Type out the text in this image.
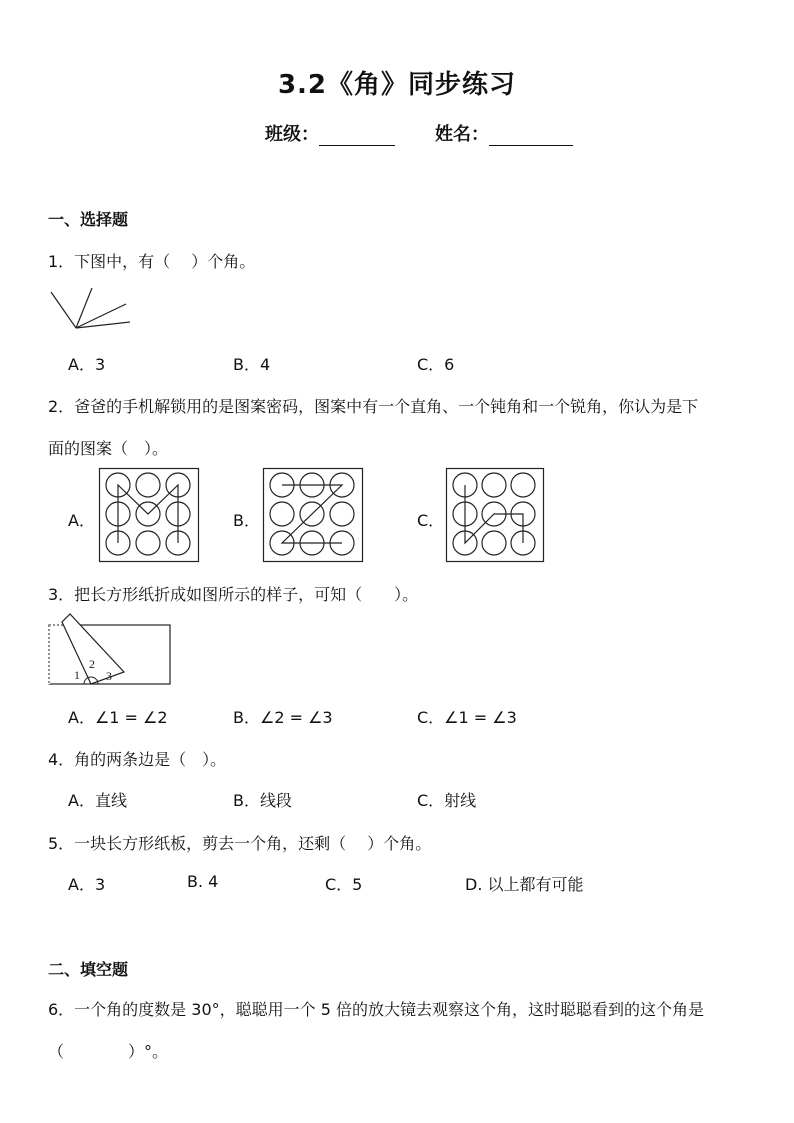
3.2《角》同步练习
班级：	姓名：
一、选择题
1．下图中，有（　 ）个角。
A．3	B．4	C．6
2．爸爸的手机解锁用的是图案密码，图案中有一个直角、一个钝角和一个锐角，你认为是下
面的图案（　）。
A．	B．	C．
3．把长方形纸折成如图所示的样子，可知（　　）。
1
2
3
A．∠1 = ∠2	B．∠2 = ∠3	C．∠1 = ∠3
4．角的两条边是（　）。
A．直线	B．线段	C．射线
5．一块长方形纸板，剪去一个角，还剩（　 ）个角。
A．3	B. 4	C．5	D. 以上都有可能
二、填空题
6．一个角的度数是 30°，聪聪用一个 5 倍的放大镜去观察这个角，这时聪聪看到的这个角是
（　　　　）°。
